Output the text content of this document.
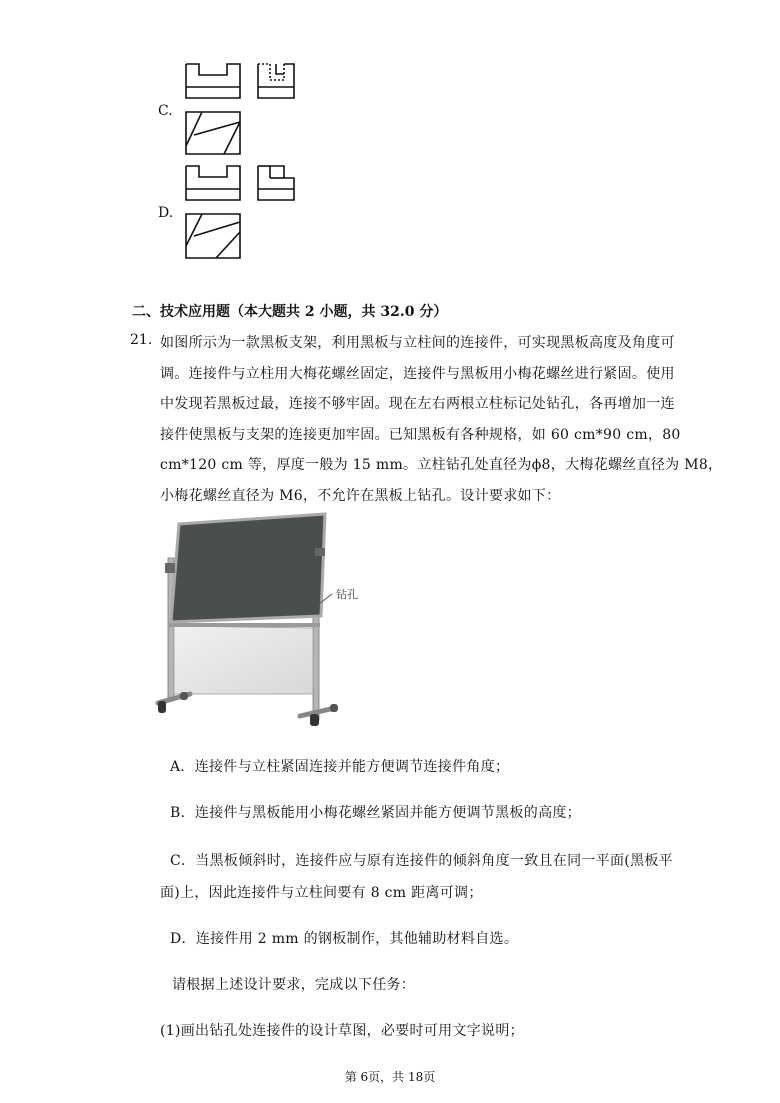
C.
D.
二、技术应用题（本大题共 2 小题，共 32.0 分）
21. 如图所示为一款黑板支架，利用黑板与立柱间的连接件，可实现黑板高度及角度可
调。连接件与立柱用大梅花螺丝固定，连接件与黑板用小梅花螺丝进行紧固。使用
中发现若黑板过最，连接不够牢固。现在左右两根立柱标记处钻孔，各再增加一连
接件使黑板与支架的连接更加牢固。已知黑板有各种规格，如 60 cm*90 cm，80
cm*120 cm 等，厚度一般为 15 mm。立柱钻孔处直径为ϕ8，大梅花螺丝直径为 M8，
小梅花螺丝直径为 M6，不允许在黑板上钻孔。设计要求如下：
钻孔
A．连接件与立柱紧固连接并能方便调节连接件角度；
B．连接件与黑板能用小梅花螺丝紧固并能方便调节黑板的高度；
C．当黑板倾斜时，连接件应与原有连接件的倾斜角度一致且在同一平面(黑板平
面)上，因此连接件与立柱间要有 8 cm 距离可调；
D．连接件用 2 mm 的钢板制作，其他辅助材料自选。
请根据上述设计要求，完成以下任务：
(1)画出钻孔处连接件的设计草图，必要时可用文字说明；
第 6页，共 18页
